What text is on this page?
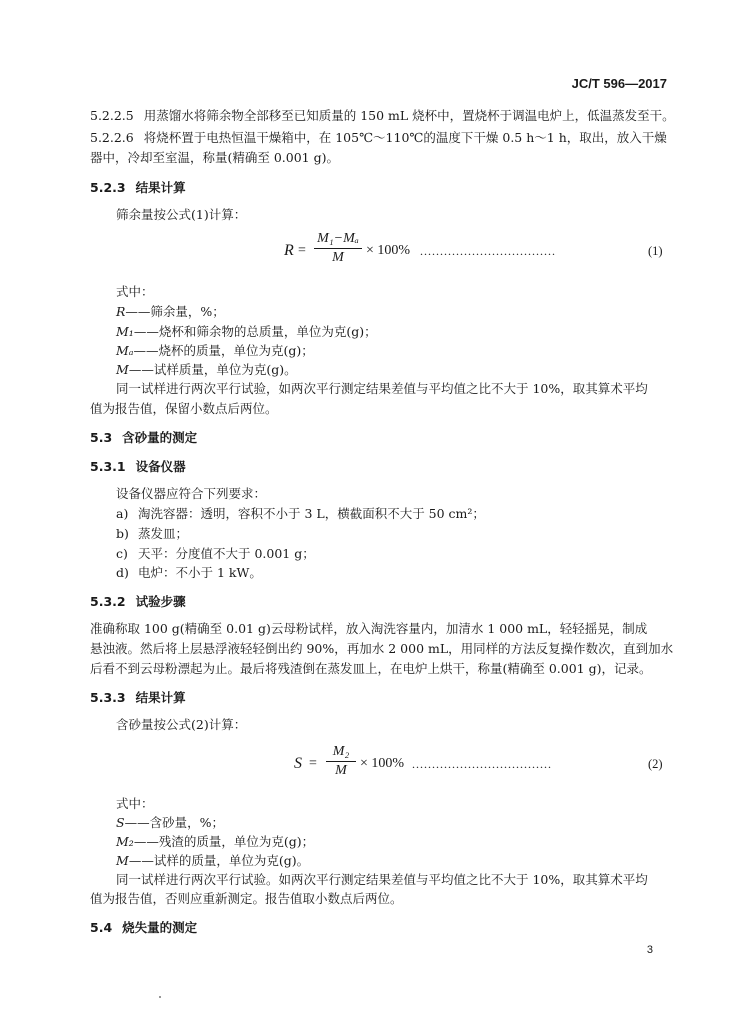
JC/T 596—2017
5.2.2.5 用蒸馏水将筛余物全部移至已知质量的 150 mL 烧杯中，置烧杯于调温电炉上，低温蒸发至干。
5.2.2.6 将烧杯置于电热恒温干燥箱中，在 105℃～110℃的温度下干燥 0.5 h～1 h，取出，放入干燥
器中，冷却至室温，称量(精确至 0.001 g)。
5.2.3 结果计算
筛余量按公式(1)计算：
$R = \frac{\text{M₁−Mₐ}}{M} \times 100\%$ ..................................	(1)
式中：
R——筛余量，%；
M₁——烧杯和筛余物的总质量，单位为克(g)；
Mₐ——烧杯的质量，单位为克(g)；
M——试样质量，单位为克(g)。
同一试样进行两次平行试验，如两次平行测定结果差值与平均值之比不大于 10%，取其算术平均
值为报告值，保留小数点后两位。
5.3 含砂量的测定
5.3.1 设备仪器
设备仪器应符合下列要求：
a) 淘洗容器：透明，容积不小于 3 L，横截面积不大于 50 cm²；
b) 蒸发皿；
c) 天平：分度值不大于 0.001 g；
d) 电炉：不小于 1 kW。
5.3.2 试验步骤
准确称取 100 g(精确至 0.01 g)云母粉试样，放入淘洗容量内，加清水 1 000 mL，轻轻摇晃，制成
悬浊液。然后将上层悬浮液轻轻倒出约 90%，再加水 2 000 mL，用同样的方法反复操作数次，直到加水
后看不到云母粉漂起为止。最后将残渣倒在蒸发皿上，在电炉上烘干，称量(精确至 0.001 g)，记录。
5.3.3 结果计算
含砂量按公式(2)计算：
$S = \frac{\text{M₂}}{M} \times 100\%$ ...................................	(2)
式中：
S——含砂量，%；
M₂——残渣的质量，单位为克(g)；
M——试样的质量，单位为克(g)。
同一试样进行两次平行试验。如两次平行测定结果差值与平均值之比不大于 10%，取其算术平均
值为报告值，否则应重新测定。报告值取小数点后两位。
5.4 烧失量的测定
3
